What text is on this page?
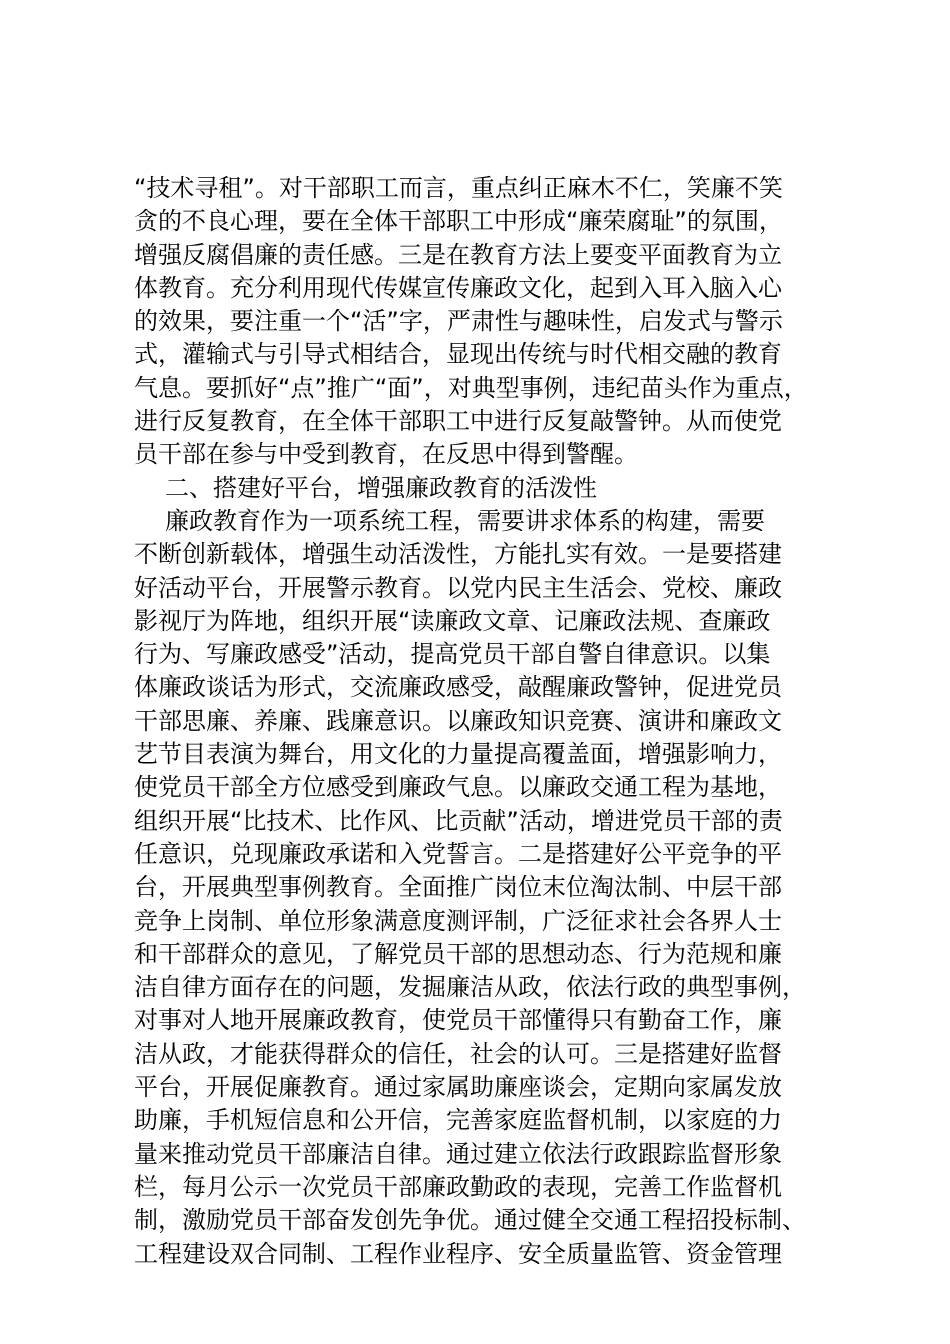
“技术寻租”。对干部职工而言，重点纠正麻木不仁，笑廉不笑
贪的不良心理，要在全体干部职工中形成“廉荣腐耻”的氛围，
增强反腐倡廉的责任感。三是在教育方法上要变平面教育为立
体教育。充分利用现代传媒宣传廉政文化，起到入耳入脑入心
的效果，要注重一个“活”字，严肃性与趣味性，启发式与警示
式，灌输式与引导式相结合，显现出传统与时代相交融的教育
气息。要抓好“点”推广“面”，对典型事例，违纪苗头作为重点，
进行反复教育，在全体干部职工中进行反复敲警钟。从而使党
员干部在参与中受到教育，在反思中得到警醒。
二、搭建好平台，增强廉政教育的活泼性
廉政教育作为一项系统工程，需要讲求体系的构建，需要
不断创新载体，增强生动活泼性，方能扎实有效。一是要搭建
好活动平台，开展警示教育。以党内民主生活会、党校、廉政
影视厅为阵地，组织开展“读廉政文章、记廉政法规、查廉政
行为、写廉政感受”活动，提高党员干部自警自律意识。以集
体廉政谈话为形式，交流廉政感受，敲醒廉政警钟，促进党员
干部思廉、养廉、践廉意识。以廉政知识竞赛、演讲和廉政文
艺节目表演为舞台，用文化的力量提高覆盖面，增强影响力，
使党员干部全方位感受到廉政气息。以廉政交通工程为基地，
组织开展“比技术、比作风、比贡献”活动，增进党员干部的责
任意识，兑现廉政承诺和入党誓言。二是搭建好公平竞争的平
台，开展典型事例教育。全面推广岗位末位淘汰制、中层干部
竞争上岗制、单位形象满意度测评制，广泛征求社会各界人士
和干部群众的意见，了解党员干部的思想动态、行为范规和廉
洁自律方面存在的问题，发掘廉洁从政，依法行政的典型事例，
对事对人地开展廉政教育，使党员干部懂得只有勤奋工作，廉
洁从政，才能获得群众的信任，社会的认可。三是搭建好监督
平台，开展促廉教育。通过家属助廉座谈会，定期向家属发放
助廉，手机短信息和公开信，完善家庭监督机制，以家庭的力
量来推动党员干部廉洁自律。通过建立依法行政跟踪监督形象
栏，每月公示一次党员干部廉政勤政的表现，完善工作监督机
制，激励党员干部奋发创先争优。通过健全交通工程招投标制、
工程建设双合同制、工程作业程序、安全质量监管、资金管理
